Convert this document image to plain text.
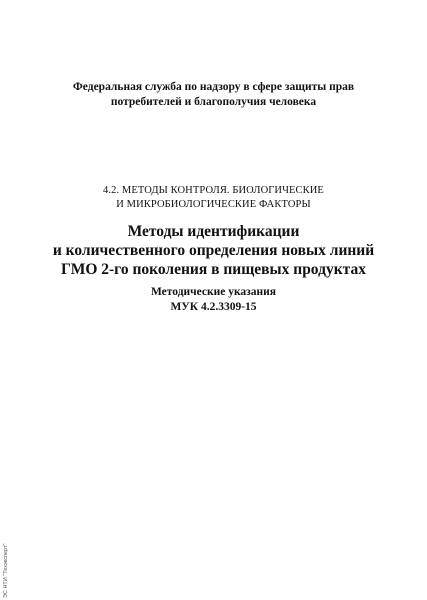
Федеральная служба по надзору в сфере защиты прав
потребителей и благополучия человека
4.2. МЕТОДЫ КОНТРОЛЯ. БИОЛОГИЧЕСКИЕ
И МИКРОБИОЛОГИЧЕСКИЕ ФАКТОРЫ
Методы идентификации
и количественного определения новых линий
ГМО 2-го поколения в пищевых продуктах
Методические указания
МУК 4.2.3309-15
ЭС НТИ "Техэксперт"
